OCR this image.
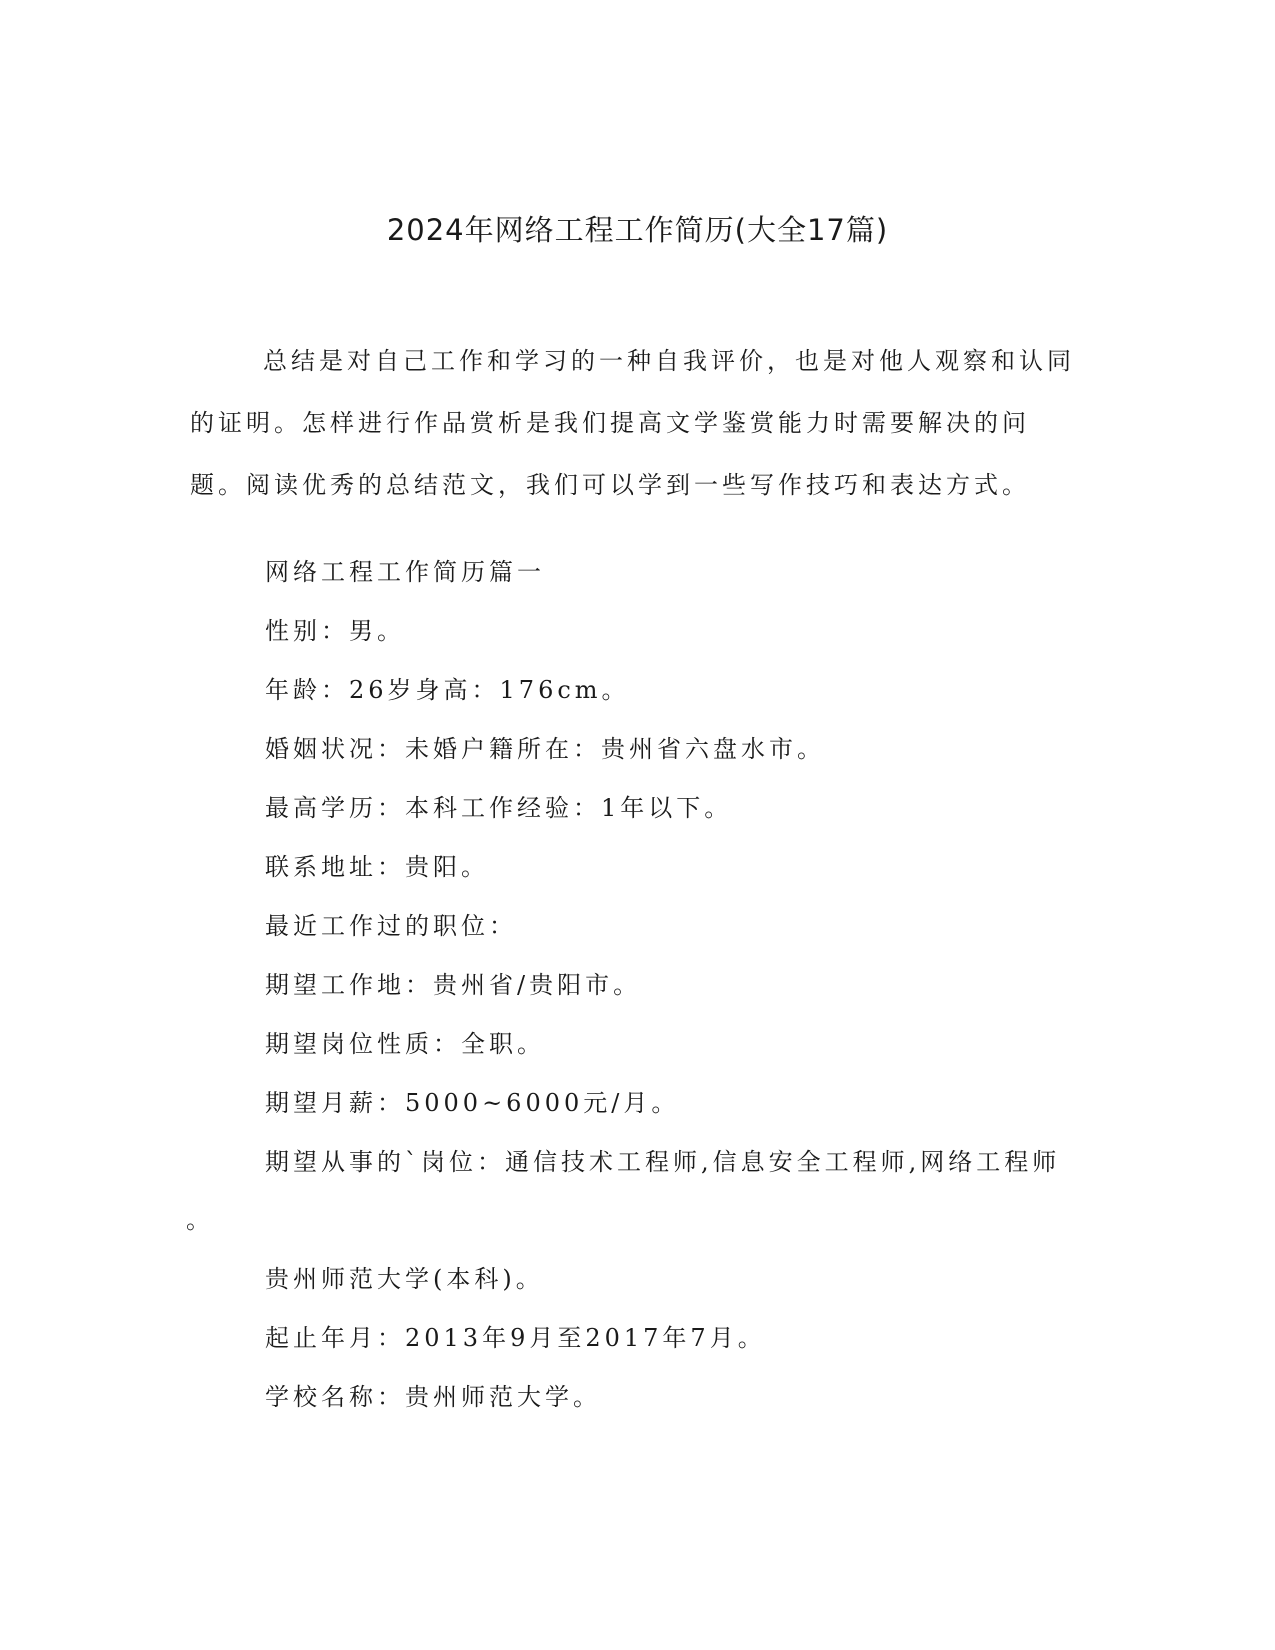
2024年网络工程工作简历(大全17篇)

总结是对自己工作和学习的一种自我评价，也是对他人观察和认同的证明。怎样进行作品赏析是我们提高文学鉴赏能力时需要解决的问题。阅读优秀的总结范文，我们可以学到一些写作技巧和表达方式。

网络工程工作简历篇一
性别：男。
年龄：26岁身高：176cm。
婚姻状况：未婚户籍所在：贵州省六盘水市。
最高学历：本科工作经验：1年以下。
联系地址：贵阳。
最近工作过的职位：
期望工作地：贵州省/贵阳市。
期望岗位性质：全职。
期望月薪：5000~6000元/月。
期望从事的`岗位：通信技术工程师,信息安全工程师,网络工程师
。
贵州师范大学(本科)。
起止年月：2013年9月至2017年7月。
学校名称：贵州师范大学。
